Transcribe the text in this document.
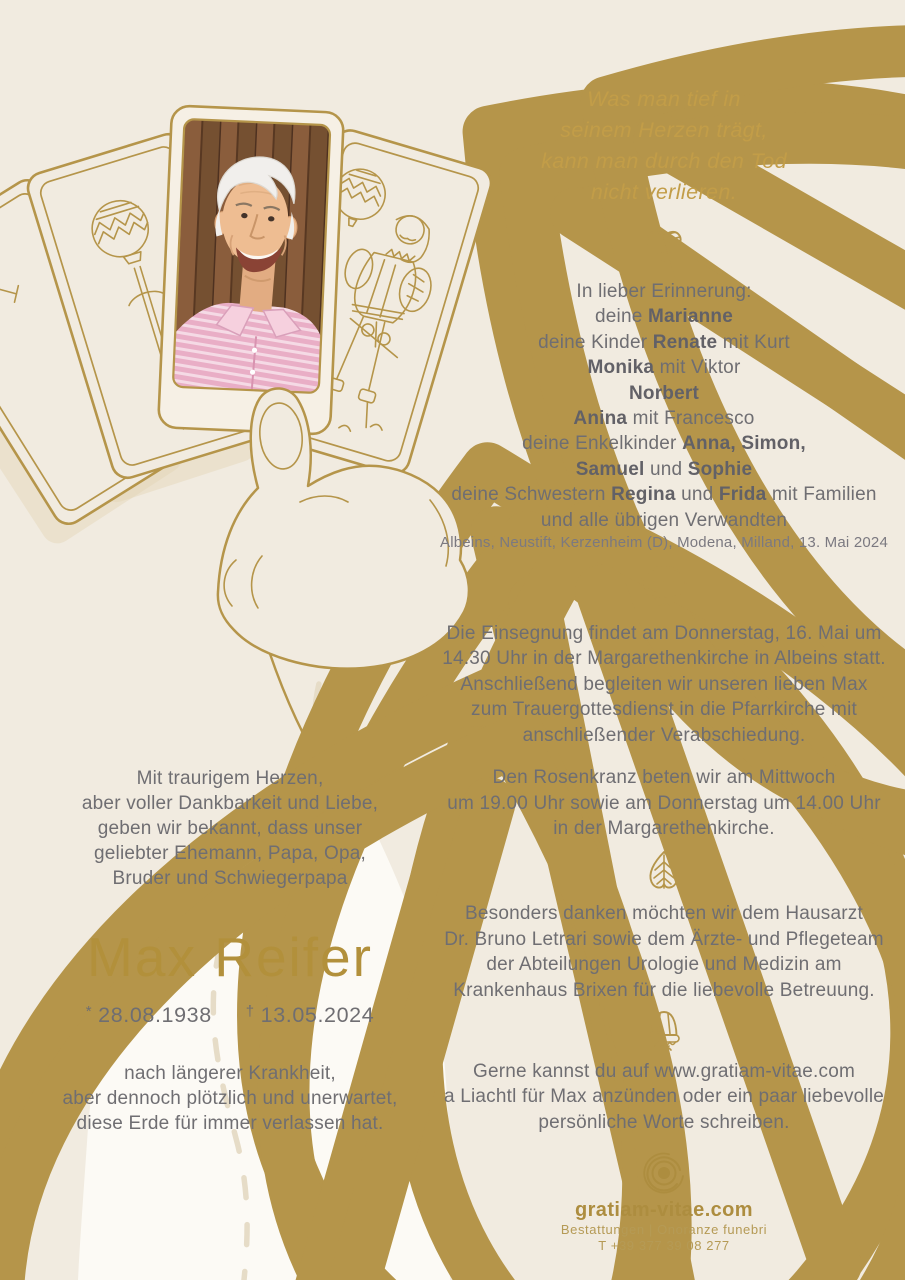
Was man tief in

seinem Herzen trägt,

kann man durch den Tod

nicht verlieren.

In lieber Erinnerung:

deine Marianne

deine Kinder Renate mit Kurt

Monika mit Viktor

Norbert

Anina mit Francesco

deine Enkelkinder Anna, Simon,

Samuel und Sophie

deine Schwestern Regina und Frida mit Familien

und alle übrigen Verwandten

Albeins, Neustift, Kerzenheim (D), Modena, Milland, 13. Mai 2024

Die Einsegnung findet am Donnerstag, 16. Mai um

14.30 Uhr in der Margarethenkirche in Albeins statt.

Anschließend begleiten wir unseren lieben Max

zum Trauergottesdienst in die Pfarrkirche mit

anschließender Verabschiedung.

Den Rosenkranz beten wir am Mittwoch

um 19.00 Uhr sowie am Donnerstag um 14.00 Uhr

in der Margarethenkirche.

Besonders danken möchten wir dem Hausarzt

Dr. Bruno Letrari sowie dem Ärzte- und Pflegeteam

der Abteilungen Urologie und Medizin am

Krankenhaus Brixen für die liebevolle Betreuung.

Gerne kannst du auf www.gratiam-vitae.com

a Liachtl für Max anzünden oder ein paar liebevolle

persönliche Worte schreiben.

gratiam-vitae.com

Bestattungen | Onoranze funebri

T +39 377 39 08 277

Mit traurigem Herzen,

aber voller Dankbarkeit und Liebe,

geben wir bekannt, dass unser

geliebter Ehemann, Papa, Opa,

Bruder und Schwiegerpapa

Max Reifer
* 28.08.1938 † 13.05.2024

nach längerer Krankheit,

aber dennoch plötzlich und unerwartet,

diese Erde für immer verlassen hat.
